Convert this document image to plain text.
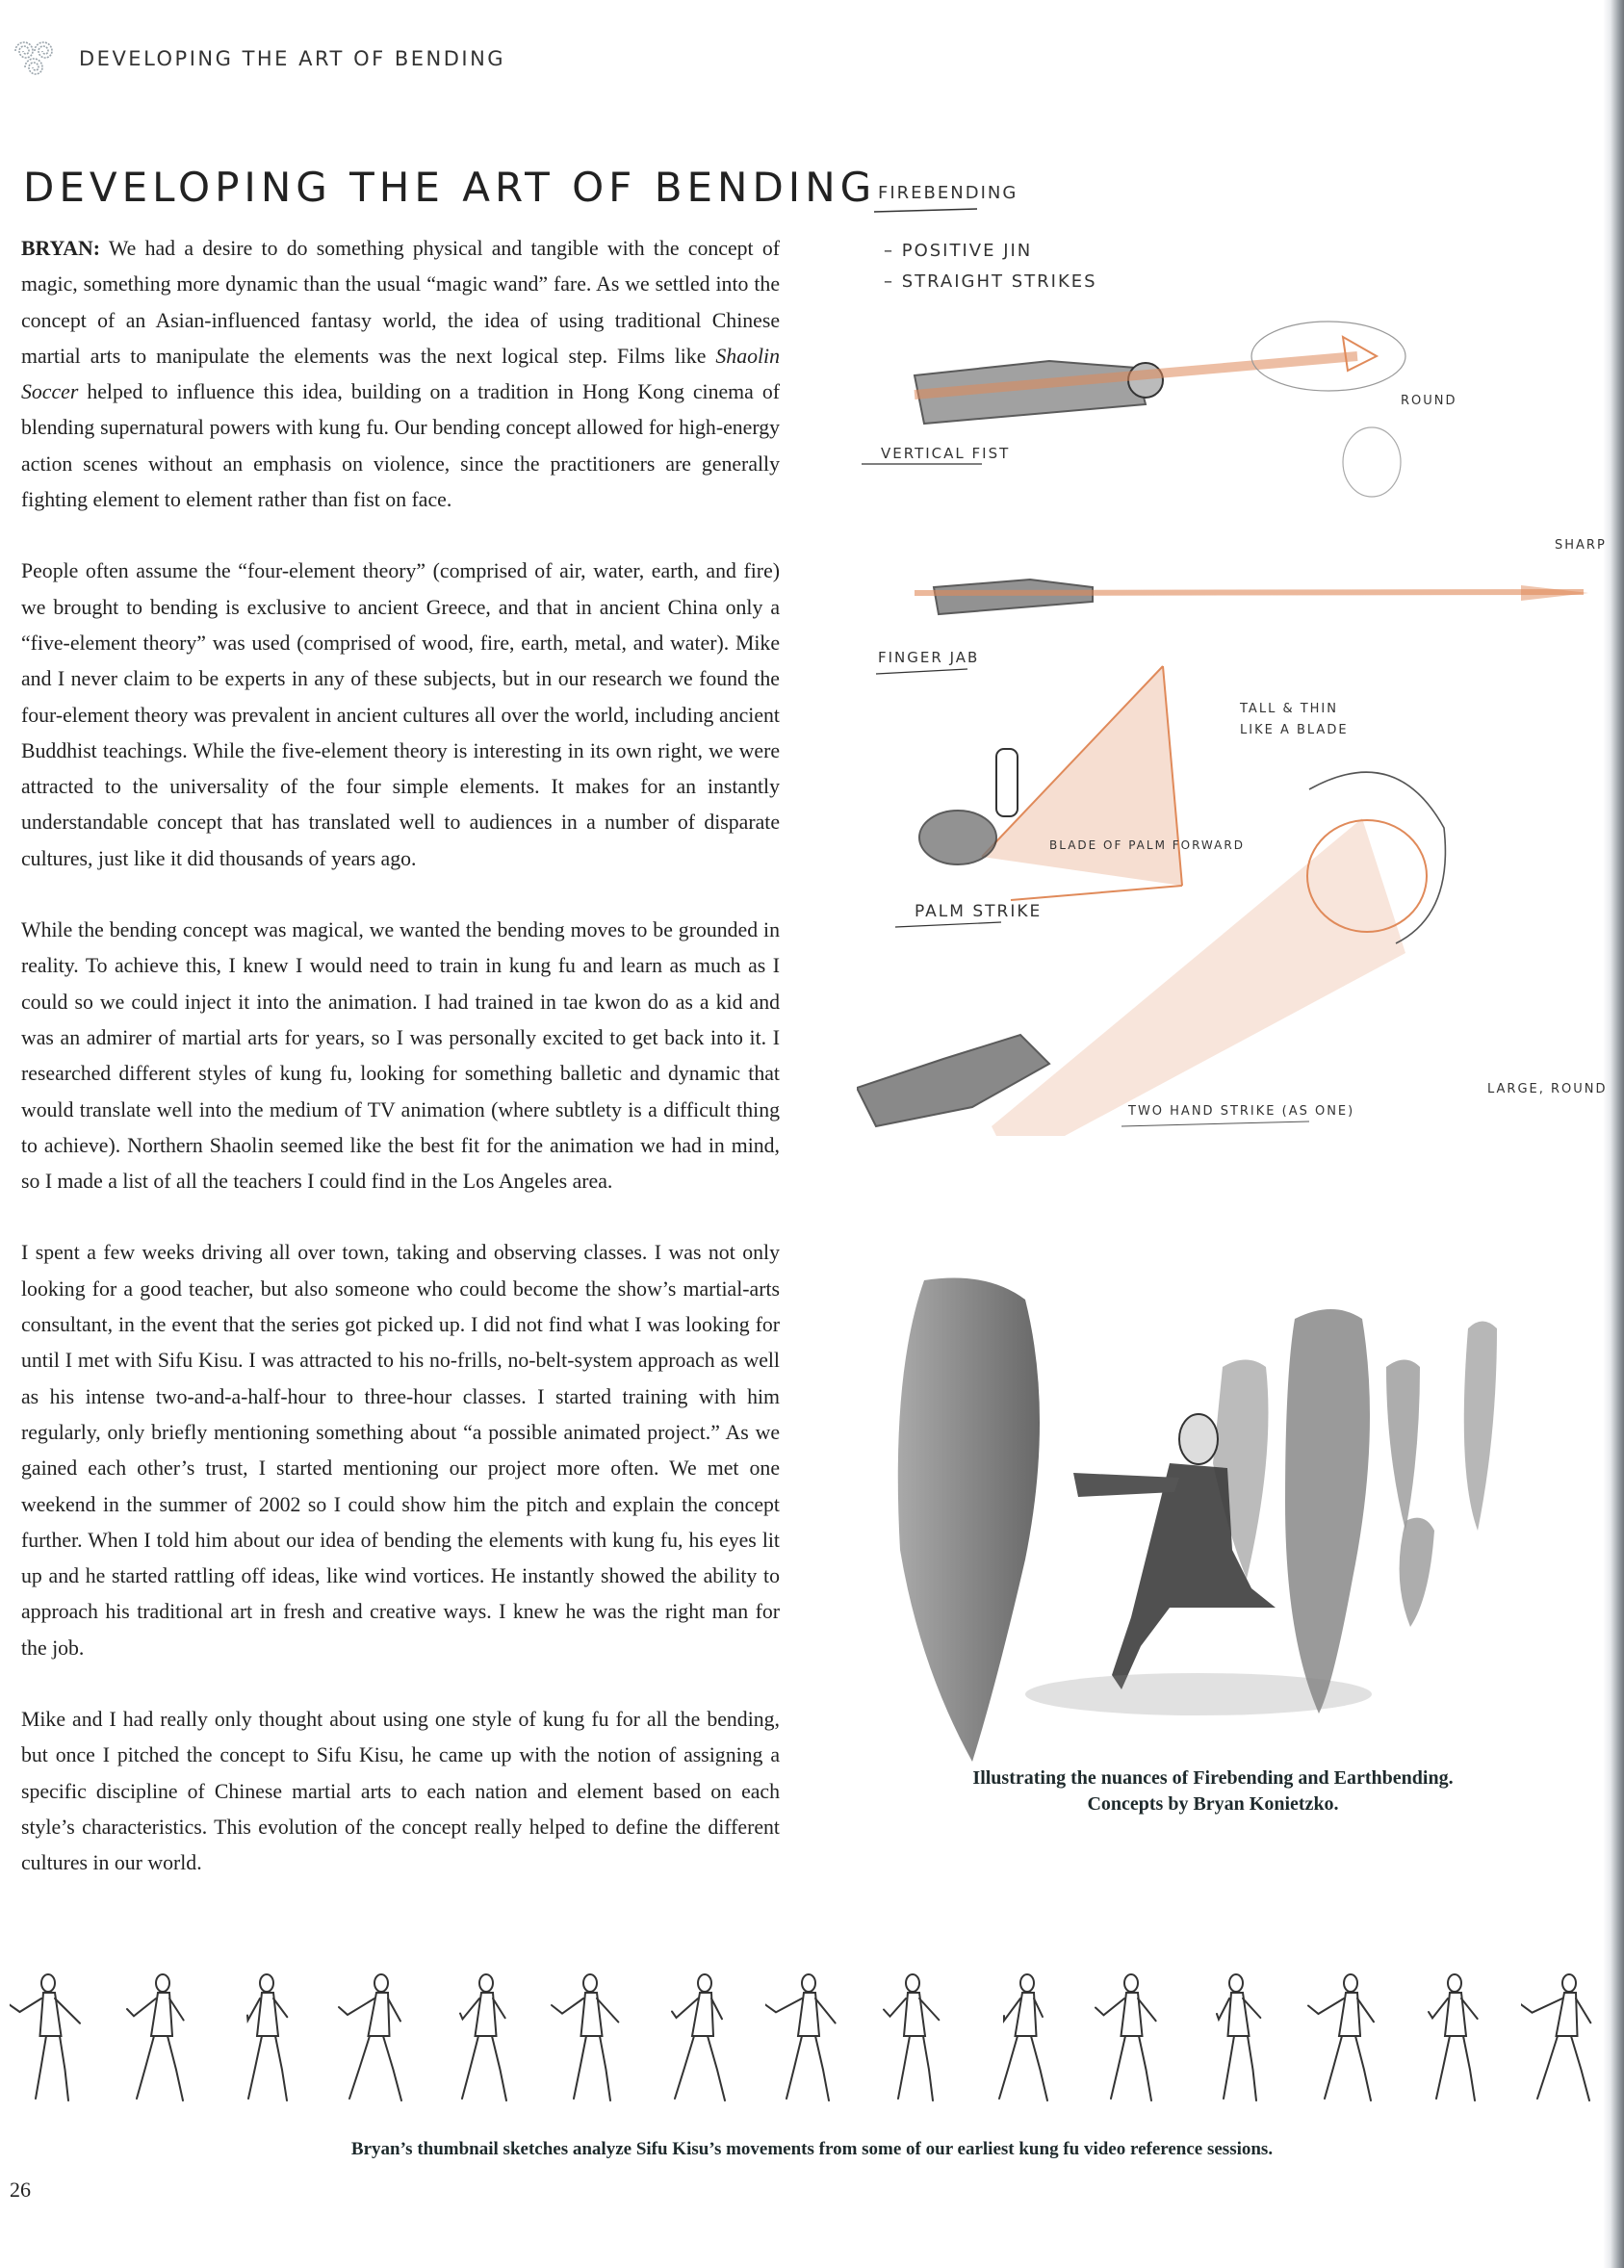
DEVELOPING THE ART OF BENDING
DEVELOPING THE ART OF BENDING

BRYAN: We had a desire to do something physical and tangible with the concept of magic, something more dynamic than the usual “magic wand” fare. As we settled into the concept of an Asian-influenced fantasy world, the idea of using traditional Chinese martial arts to manipulate the elements was the next logical step. Films like Shaolin Soccer helped to influence this idea, building on a tradition in Hong Kong cinema of blending supernatural powers with kung fu. Our bending concept allowed for high-energy action scenes without an emphasis on violence, since the practitioners are generally fighting element to element rather than fist on face.

People often assume the “four-element theory” (comprised of air, water, earth, and fire) we brought to bending is exclusive to ancient Greece, and that in ancient China only a “five-element theory” was used (comprised of wood, fire, earth, metal, and water). Mike and I never claim to be experts in any of these subjects, but in our research we found the four-element theory was prevalent in ancient cultures all over the world, including ancient Buddhist teachings. While the five-element theory is interesting in its own right, we were attracted to the universality of the four simple elements. It makes for an instantly understandable concept that has translated well to audiences in a number of disparate cultures, just like it did thousands of years ago.

While the bending concept was magical, we wanted the bending moves to be grounded in reality. To achieve this, I knew I would need to train in kung fu and learn as much as I could so we could inject it into the animation. I had trained in tae kwon do as a kid and was an admirer of martial arts for years, so I was personally excited to get back into it. I researched different styles of kung fu, looking for something balletic and dynamic that would translate well into the medium of TV animation (where subtlety is a difficult thing to achieve). Northern Shaolin seemed like the best fit for the animation we had in mind, so I made a list of all the teachers I could find in the Los Angeles area.

I spent a few weeks driving all over town, taking and observing classes. I was not only looking for a good teacher, but also someone who could become the show’s martial-arts consultant, in the event that the series got picked up. I did not find what I was looking for until I met with Sifu Kisu. I was attracted to his no-frills, no-belt-system approach as well as his intense two-and-a-half-hour to three-hour classes. I started training with him regularly, only briefly mentioning something about “a possible animated project.” As we gained each other’s trust, I started mentioning our project more often. We met one weekend in the summer of 2002 so I could show him the pitch and explain the concept further. When I told him about our idea of bending the elements with kung fu, his eyes lit up and he started rattling off ideas, like wind vortices. He instantly showed the ability to approach his traditional art in fresh and creative ways. I knew he was the right man for the job.

Mike and I had really only thought about using one style of kung fu for all the bending, but once I pitched the concept to Sifu Kisu, he came up with the notion of assigning a specific discipline of Chinese martial arts to each nation and element based on each style’s characteristics. This evolution of the concept really helped to define the different cultures in our world.

FIREBENDING
– POSITIVE JIN
– STRAIGHT STRIKES
VERTICAL FIST
ROUND
SHARP
FINGER JAB
TALL & THIN
LIKE A BLADE
BLADE OF PALM FORWARD
PALM STRIKE
LARGE, ROUND
TWO HAND STRIKE (AS ONE)
Illustrating the nuances of Firebending and Earthbending.
Concepts by Bryan Konietzko.
Bryan’s thumbnail sketches analyze Sifu Kisu’s movements from some of our earliest kung fu video reference sessions.
26
